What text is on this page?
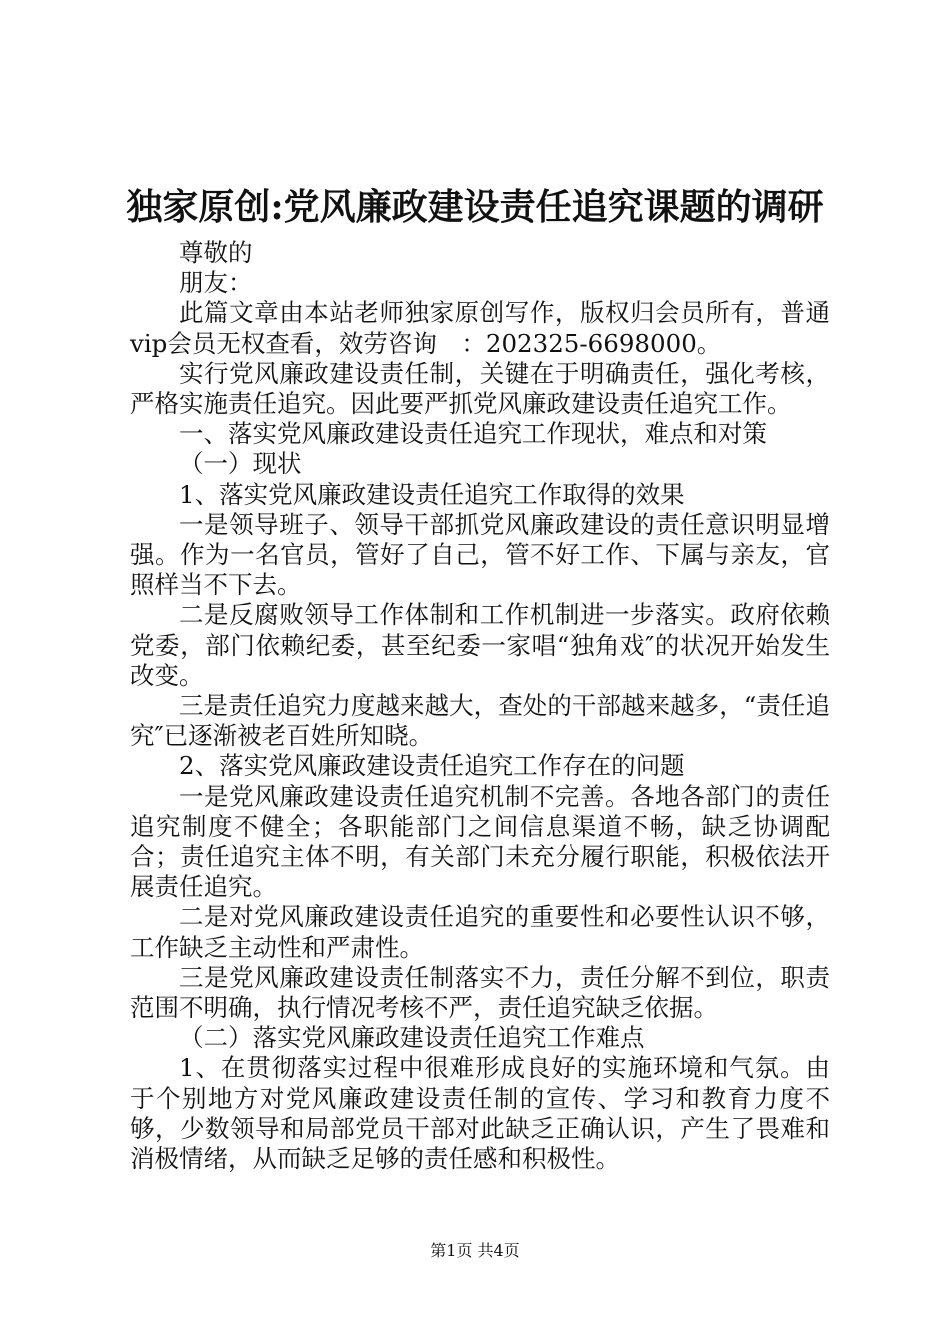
独家原创:党风廉政建设责任追究课题的调研

尊敬的

朋友：

此篇文章由本站老师独家原创写作，版权归会员所有，普通vip会员无权查看，效劳咨询　：202325-6698000。

实行党风廉政建设责任制，关键在于明确责任，强化考核，严格实施责任追究。因此要严抓党风廉政建设责任追究工作。

一、落实党风廉政建设责任追究工作现状，难点和对策

（一）现状

1、落实党风廉政建设责任追究工作取得的效果

一是领导班子、领导干部抓党风廉政建设的责任意识明显增强。作为一名官员，管好了自己，管不好工作、下属与亲友，官照样当不下去。

二是反腐败领导工作体制和工作机制进一步落实。政府依赖党委，部门依赖纪委，甚至纪委一家唱“独角戏″的状况开始发生改变。

三是责任追究力度越来越大，查处的干部越来越多，“责任追究″已逐渐被老百姓所知晓。

2、落实党风廉政建设责任追究工作存在的问题

一是党风廉政建设责任追究机制不完善。各地各部门的责任追究制度不健全；各职能部门之间信息渠道不畅，缺乏协调配合；责任追究主体不明，有关部门未充分履行职能，积极依法开展责任追究。

二是对党风廉政建设责任追究的重要性和必要性认识不够，工作缺乏主动性和严肃性。

三是党风廉政建设责任制落实不力，责任分解不到位，职责范围不明确，执行情况考核不严，责任追究缺乏依据。

（二）落实党风廉政建设责任追究工作难点

1、在贯彻落实过程中很难形成良好的实施环境和气氛。由于个别地方对党风廉政建设责任制的宣传、学习和教育力度不够，少数领导和局部党员干部对此缺乏正确认识，产生了畏难和消极情绪，从而缺乏足够的责任感和积极性。

第1页 共4页
